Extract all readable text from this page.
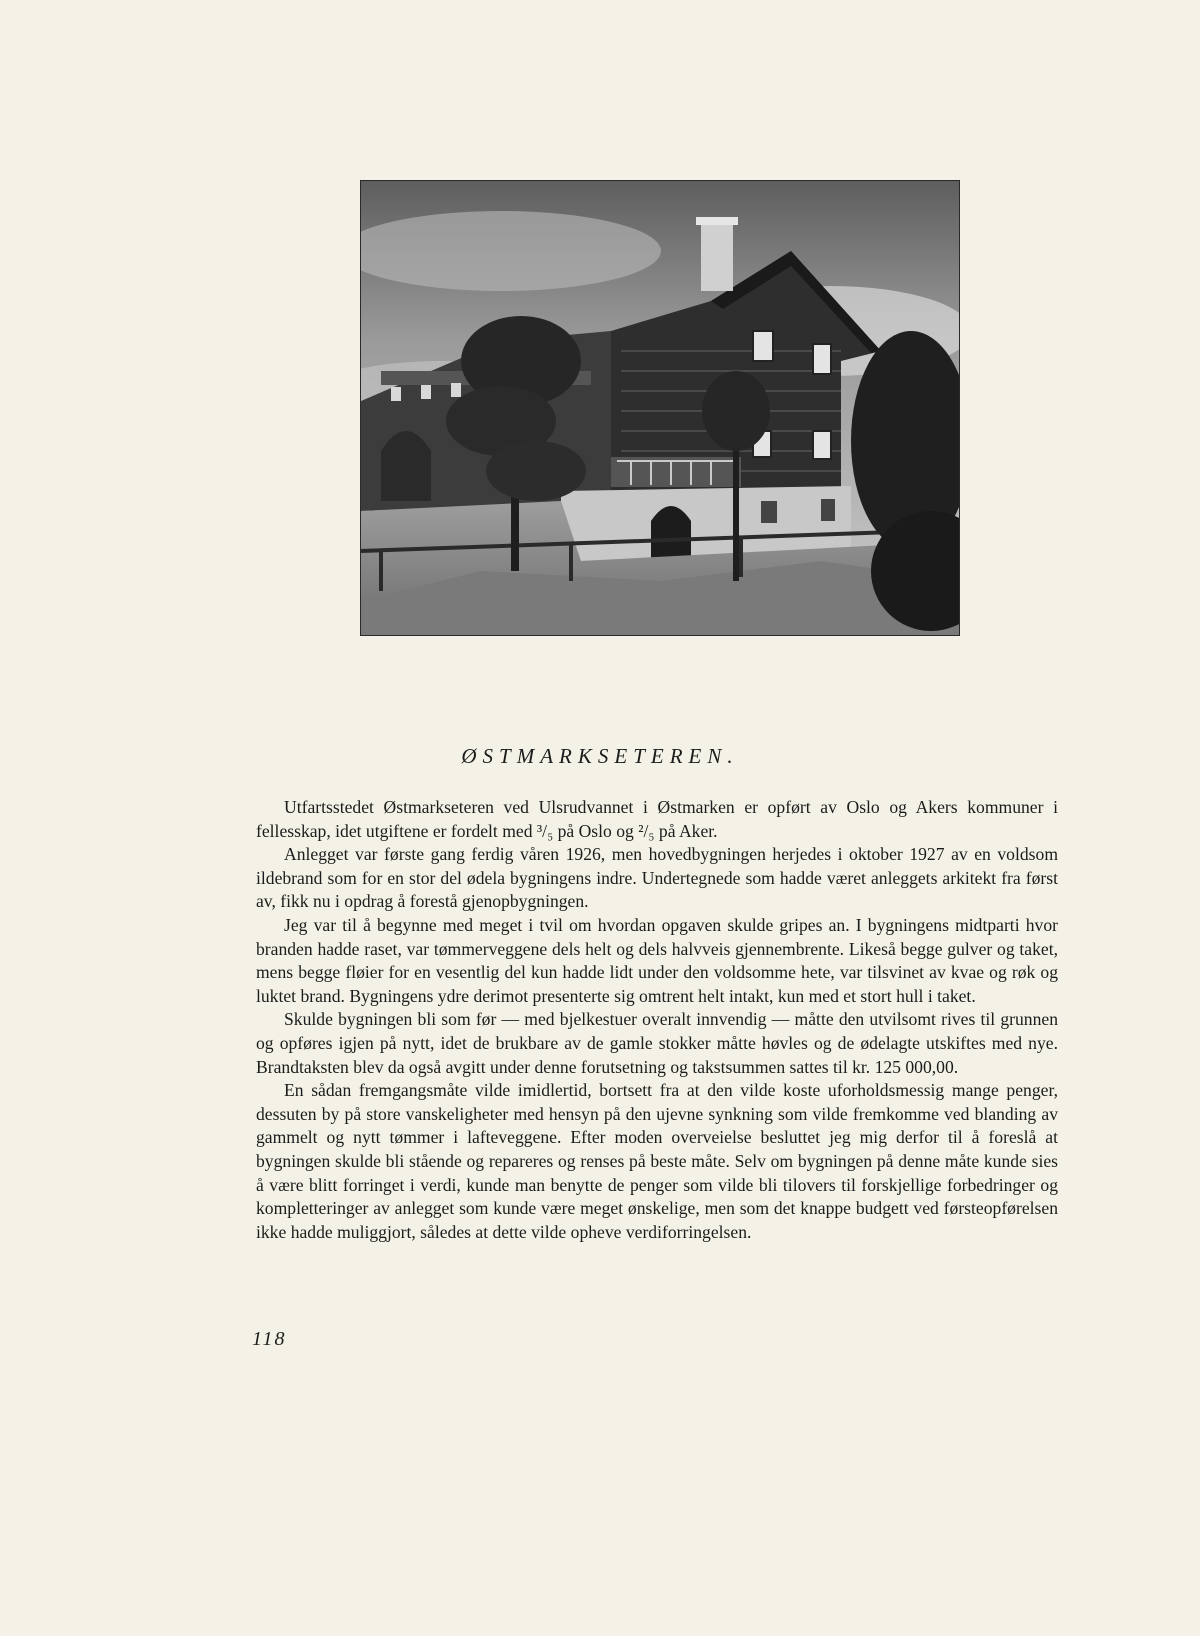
ØSTMARKSETEREN.

Utfartsstedet Østmarkseteren ved Ulsrudvannet i Østmarken er opført av Oslo og Akers kommuner i fellesskap, idet utgiftene er fordelt med ³/₅ på Oslo og ²/₅ på Aker.

Anlegget var første gang ferdig våren 1926, men hovedbygningen herjedes i oktober 1927 av en voldsom ildebrand som for en stor del ødela bygningens indre. Undertegnede som hadde været anleggets arkitekt fra først av, fikk nu i opdrag å forestå gjenopbygningen.

Jeg var til å begynne med meget i tvil om hvordan opgaven skulde gripes an. I bygningens midtparti hvor branden hadde raset, var tømmerveggene dels helt og dels halvveis gjennembrente. Likeså begge gulver og taket, mens begge fløier for en vesentlig del kun hadde lidt under den voldsomme hete, var tilsvinet av kvae og røk og luktet brand. Bygningens ydre derimot presenterte sig omtrent helt intakt, kun med et stort hull i taket.

Skulde bygningen bli som før — med bjelkestuer overalt innvendig — måtte den utvilsomt rives til grunnen og opføres igjen på nytt, idet de brukbare av de gamle stokker måtte høvles og de ødelagte utskiftes med nye. Brandtaksten blev da også avgitt under denne forutsetning og takstsummen sattes til kr. 125 000,00.

En sådan fremgangsmåte vilde imidlertid, bortsett fra at den vilde koste uforholdsmessig mange penger, dessuten by på store vanskeligheter med hensyn på den ujevne synkning som vilde fremkomme ved blanding av gammelt og nytt tømmer i lafteveggene. Efter moden overveielse besluttet jeg mig derfor til å foreslå at bygningen skulde bli stående og repareres og renses på beste måte. Selv om bygningen på denne måte kunde sies å være blitt forringet i verdi, kunde man benytte de penger som vilde bli tilovers til forskjellige forbedringer og kompletteringer av anlegget som kunde være meget ønskelige, men som det knappe budgett ved førsteopførelsen ikke hadde muliggjort, således at dette vilde opheve verdiforringelsen.

118
